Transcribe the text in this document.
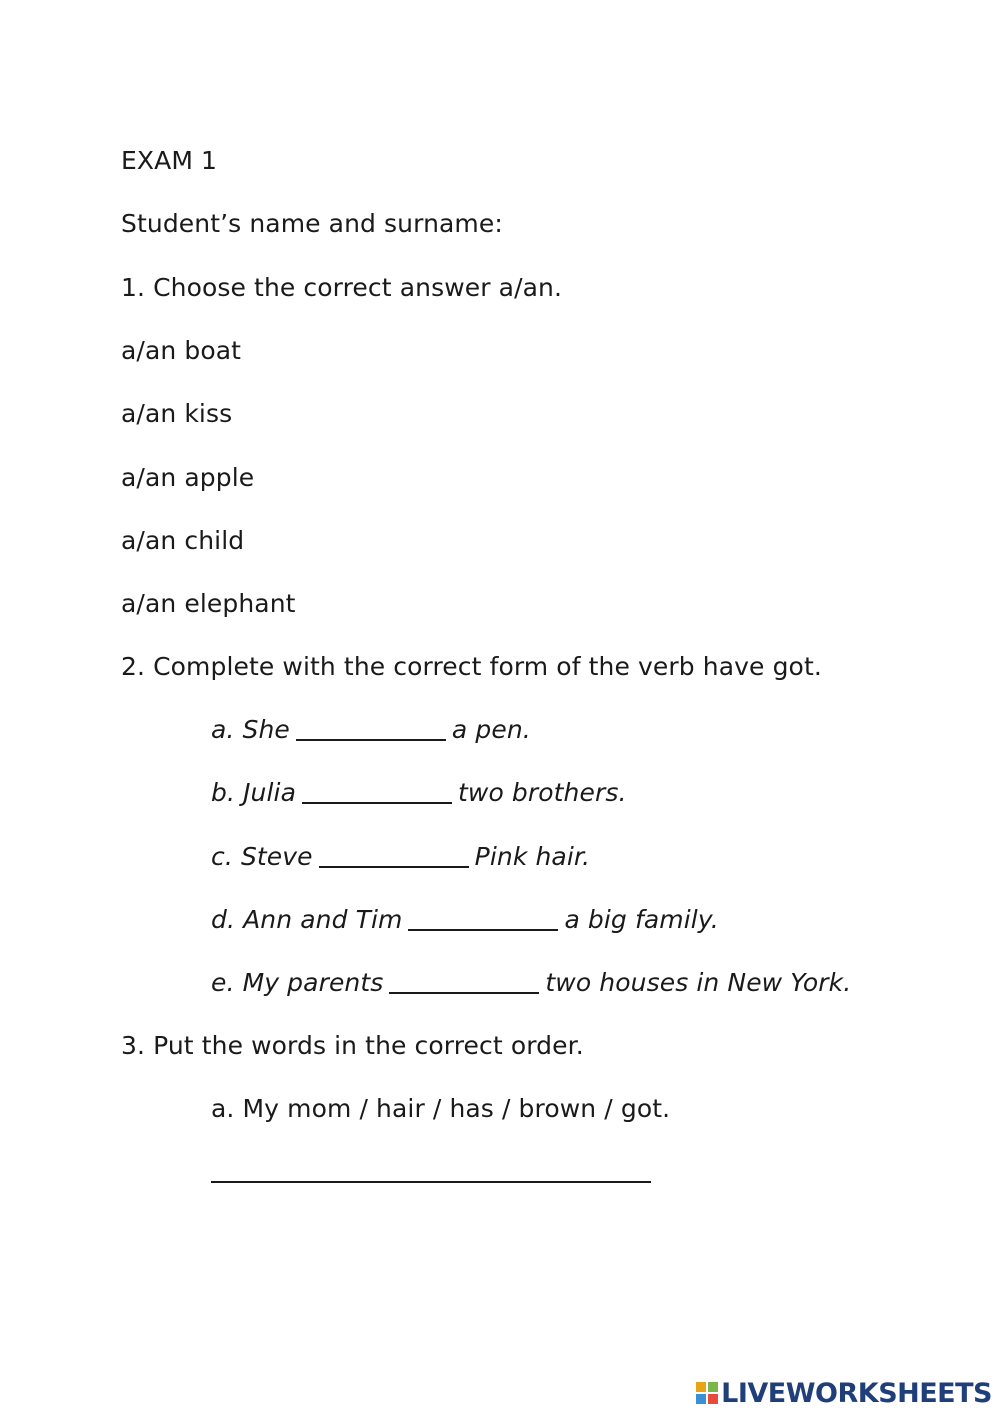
EXAM 1
Student’s name and surname:
1. Choose the correct answer a/an.
a/an boat
a/an kiss
a/an apple
a/an child
a/an elephant
2. Complete with the correct form of the verb have got.
a. She	a pen.
b. Julia	two brothers.
c. Steve	Pink hair.
d. Ann and Tim	a big family.
e. My parents	two houses in New York.
3. Put the words in the correct order.
a. My mom / hair / has / brown / got.
LIVEWORKSHEETS
